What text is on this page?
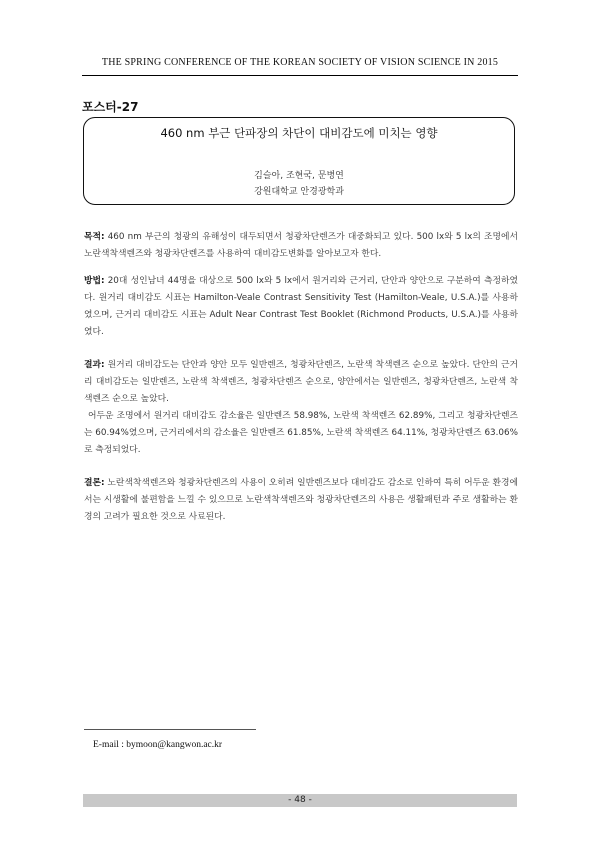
THE SPRING CONFERENCE OF THE KOREAN SOCIETY OF VISION SCIENCE IN 2015
포스터-27
460 nm 부근 단파장의 차단이 대비감도에 미치는 영향
김슬아, 조현국, 문병연
강원대학교 안경광학과

목적: 460 nm 부근의 청광의 유해성이 대두되면서 청광차단렌즈가 대중화되고 있다. 500 lx와 5 lx의 조명에서 노란색착색렌즈와 청광차단렌즈를 사용하여 대비감도변화를 알아보고자 한다.

방법: 20대 성인남녀 44명을 대상으로 500 lx와 5 lx에서 원거리와 근거리, 단안과 양안으로 구분하여 측정하였다. 원거리 대비감도 시표는 Hamilton-Veale Contrast Sensitivity Test (Hamilton-Veale, U.S.A.)를 사용하였으며, 근거리 대비감도 시표는 Adult Near Contrast Test Booklet (Richmond Products, U.S.A.)를 사용하였다.

결과: 원거리 대비감도는 단안과 양안 모두 일반렌즈, 청광차단렌즈, 노란색 착색렌즈 순으로 높았다. 단안의 근거리 대비감도는 일반렌즈, 노란색 착색렌즈, 청광차단렌즈 순으로, 양안에서는 일반렌즈, 청광차단렌즈, 노란색 착색렌즈 순으로 높았다.

어두운 조명에서 원거리 대비감도 감소율은 일반렌즈 58.98%, 노란색 착색렌즈 62.89%, 그리고 청광차단렌즈는 60.94%였으며, 근거리에서의 감소율은 일반렌즈 61.85%, 노란색 착색렌즈 64.11%, 청광차단렌즈 63.06%로 측정되었다.

결론: 노란색착색렌즈와 청광차단렌즈의 사용이 오히려 일반렌즈보다 대비감도 감소로 인하여 특히 어두운 환경에서는 시생활에 불편함을 느낄 수 있으므로 노란색착색렌즈와 청광차단렌즈의 사용은 생활패턴과 주로 생활하는 환경의 고려가 필요한 것으로 사료된다.

E-mail : bymoon@kangwon.ac.kr
- 48 -
